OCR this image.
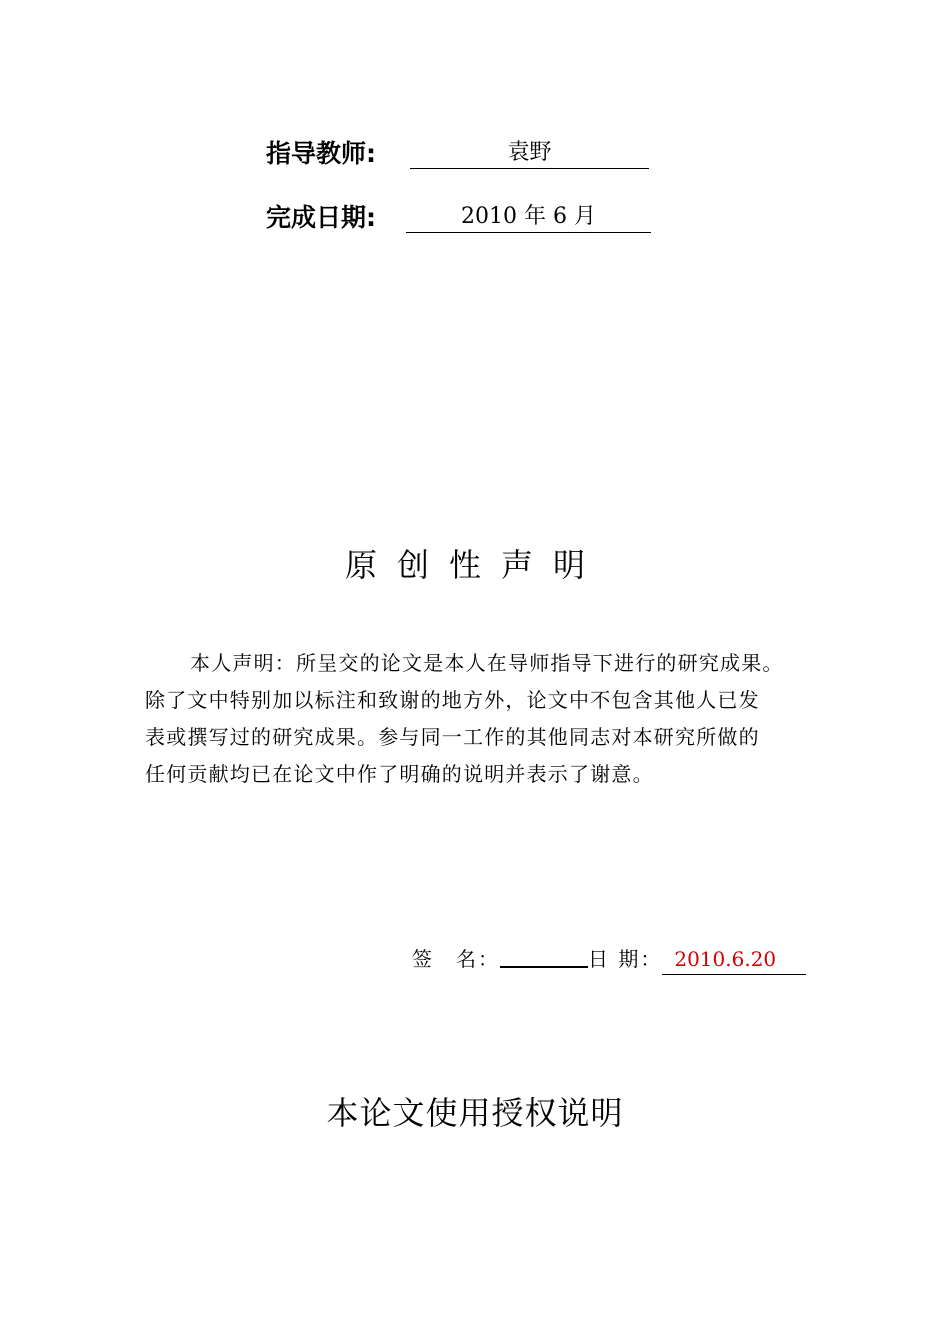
指导教师:	袁野
完成日期:	2010 年 6 月
原创性声明
本人声明：所呈交的论文是本人在导师指导下进行的研究成果。
除了文中特别加以标注和致谢的地方外，论文中不包含其他人已发
表或撰写过的研究成果。参与同一工作的其他同志对本研究所做的
任何贡献均已在论文中作了明确的说明并表示了谢意。
签　名：	日 期： 2010.6.20
本论文使用授权说明
